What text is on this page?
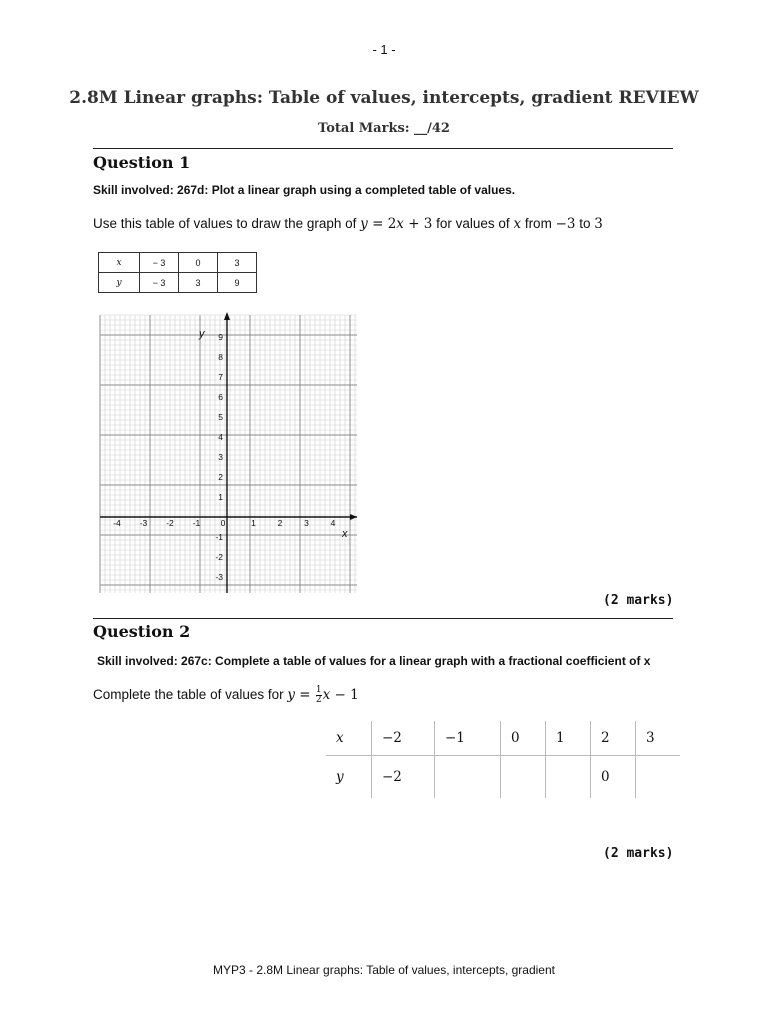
- 1 -
2.8M Linear graphs: Table of values, intercepts, gradient REVIEW
Total Marks: __/42
Question 1
Skill involved: 267d: Plot a linear graph using a completed table of values.
Use this table of values to draw the graph of y = 2x + 3 for values of x from −3 to 3
x	− 3	0	3
y	− 3	3	9
-4 -3 -2 -1 0	1	2	3	4
9
8
7
6
5
4
3
2
1
-1
-2
-3
x
y
(2 marks)
Question 2
Skill involved: 267c: Complete a table of values for a linear graph with a fractional coefficient of x
Complete the table of values for $y = \frac{1}{2}$ x − 1
x	−2	−1	0	1	2	3
y	−2				0	
(2 marks)
MYP3 - 2.8M Linear graphs: Table of values, intercepts, gradient
